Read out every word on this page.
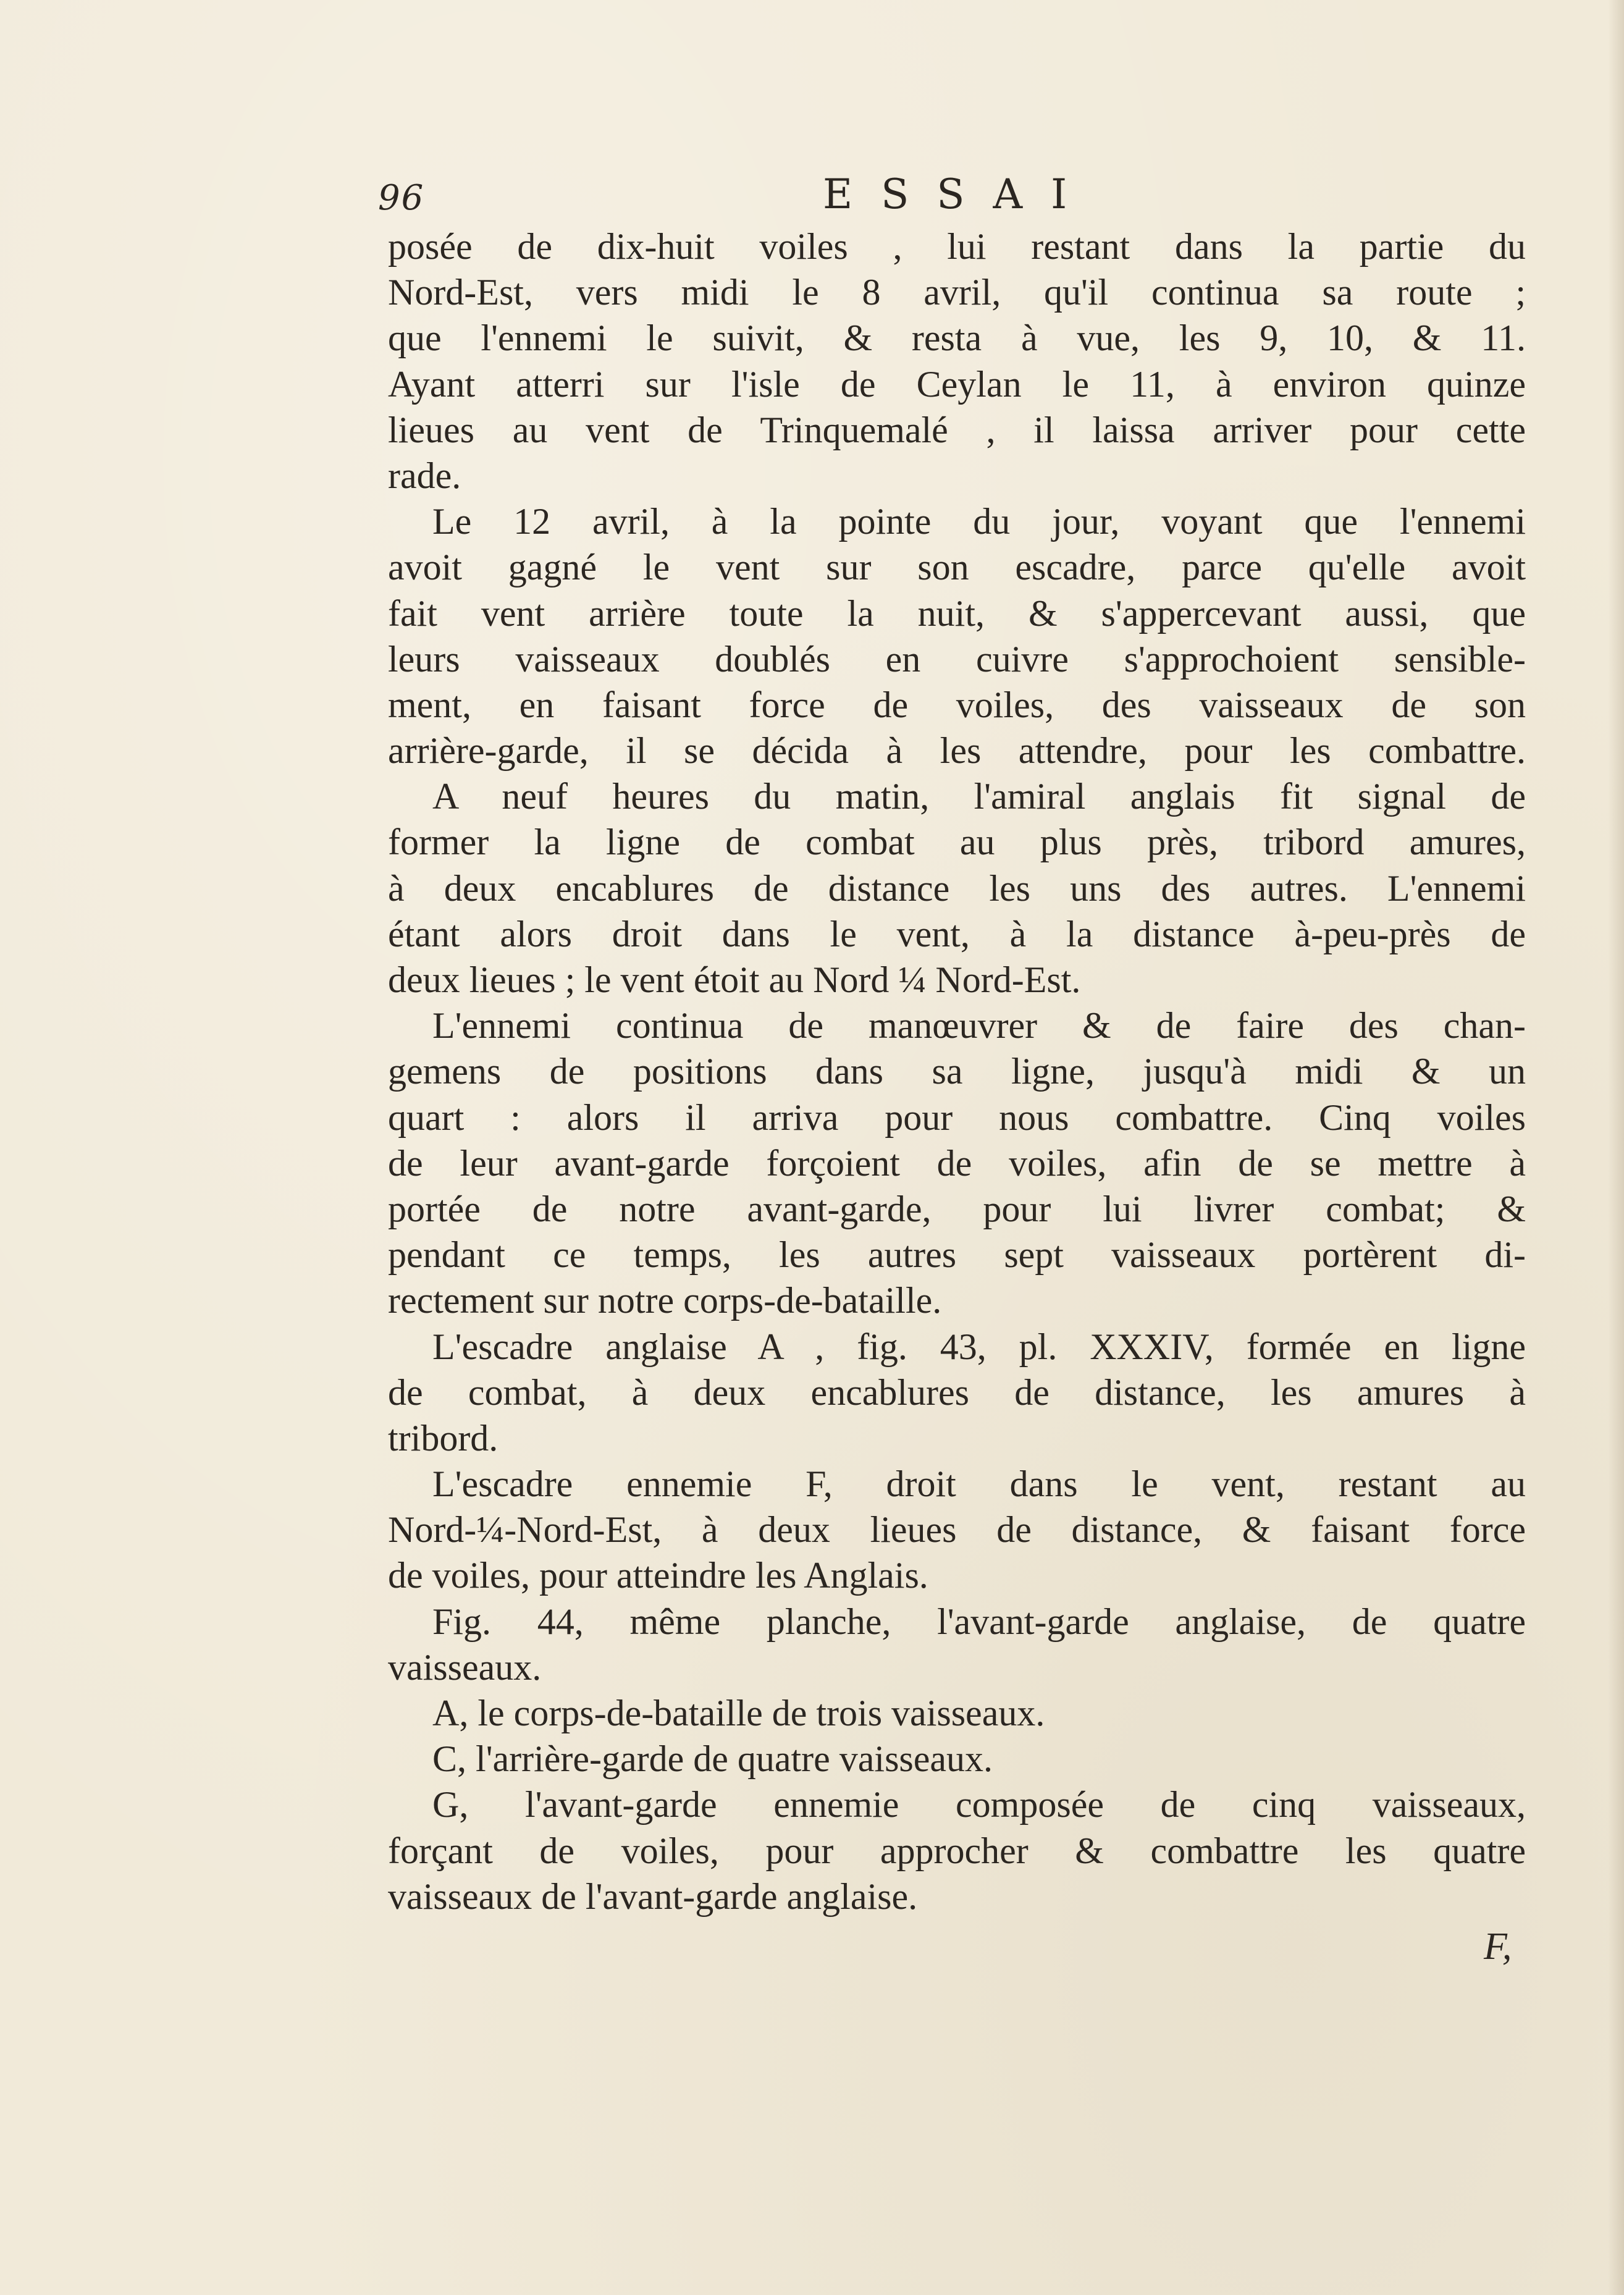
96	ESSAI
posée de dix-huit voiles , lui restant dans la partie du
Nord-Est, vers midi le 8 avril, qu'il continua sa route ;
que l'ennemi le suivit, & resta à vue, les 9, 10, & 11.
Ayant atterri sur l'isle de Ceylan le 11, à environ quinze
lieues au vent de Trinquemalé , il laissa arriver pour cette
rade.
Le 12 avril, à la pointe du jour, voyant que l'ennemi
avoit gagné le vent sur son escadre, parce qu'elle avoit
fait vent arrière toute la nuit, & s'appercevant aussi, que
leurs vaisseaux doublés en cuivre s'approchoient sensible-
ment, en faisant force de voiles, des vaisseaux de son
arrière-garde, il se décida à les attendre, pour les combattre.
A neuf heures du matin, l'amiral anglais fit signal de
former la ligne de combat au plus près, tribord amures,
à deux encablures de distance les uns des autres. L'ennemi
étant alors droit dans le vent, à la distance à-peu-près de
deux lieues ; le vent étoit au Nord ¼ Nord-Est.
L'ennemi continua de manœuvrer & de faire des chan-
gemens de positions dans sa ligne, jusqu'à midi & un
quart : alors il arriva pour nous combattre. Cinq voiles
de leur avant-garde forçoient de voiles, afin de se mettre à
portée de notre avant-garde, pour lui livrer combat; &
pendant ce temps, les autres sept vaisseaux portèrent di-
rectement sur notre corps-de-bataille.
L'escadre anglaise A , fig. 43, pl. XXXIV, formée en ligne
de combat, à deux encablures de distance, les amures à
tribord.
L'escadre ennemie F, droit dans le vent, restant au
Nord-¼-Nord-Est, à deux lieues de distance, & faisant force
de voiles, pour atteindre les Anglais.
Fig. 44, même planche, l'avant-garde anglaise, de quatre
vaisseaux.
A, le corps-de-bataille de trois vaisseaux.
C, l'arrière-garde de quatre vaisseaux.
G, l'avant-garde ennemie composée de cinq vaisseaux,
forçant de voiles, pour approcher & combattre les quatre
vaisseaux de l'avant-garde anglaise.
F,
